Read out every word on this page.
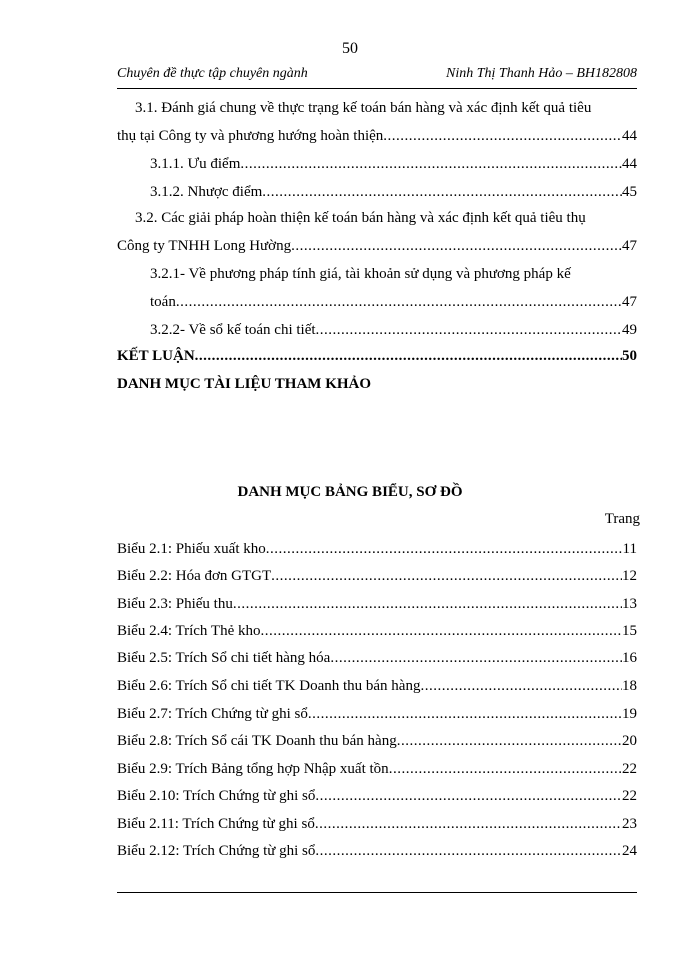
50
Chuyên đề thực tập chuyên ngành	Ninh Thị Thanh Hảo – BH182808
3.1. Đánh giá chung về thực trạng kế toán bán hàng và xác định kết quả tiêu
thụ tại Công ty và phương hướng hoàn thiện .....	44
3.1.1. Ưu điểm .....	44
3.1.2. Nhược điểm .....	45
3.2. Các giải pháp hoàn thiện kế toán bán hàng và xác định kết quả tiêu thụ
Công ty TNHH Long Hường .....	47
3.2.1- Về phương pháp tính giá, tài khoản sử dụng và phương pháp kế
toán .....	47
3.2.2- Về sổ kế toán chi tiết .....	49
KẾT LUẬN .....	50
DANH MỤC TÀI LIỆU THAM KHẢO
DANH MỤC BẢNG BIỂU, SƠ ĐỒ
Trang
Biểu 2.1: Phiếu xuất kho .....	11
Biểu 2.2: Hóa đơn GTGT .....	12
Biểu 2.3: Phiếu thu .....	13
Biểu 2.4: Trích Thẻ kho .....	15
Biểu 2.5: Trích Sổ chi tiết hàng hóa .....	16
Biểu 2.6: Trích Sổ chi tiết TK Doanh thu bán hàng .....	18
Biểu 2.7: Trích Chứng từ ghi sổ .....	19
Biểu 2.8: Trích Sổ cái TK Doanh thu bán hàng .....	20
Biểu 2.9: Trích Bảng tổng hợp Nhập xuất tồn .....	22
Biểu 2.10: Trích Chứng từ ghi sổ .....	22
Biểu 2.11: Trích Chứng từ ghi sổ .....	23
Biểu 2.12: Trích Chứng từ ghi sổ .....	24
